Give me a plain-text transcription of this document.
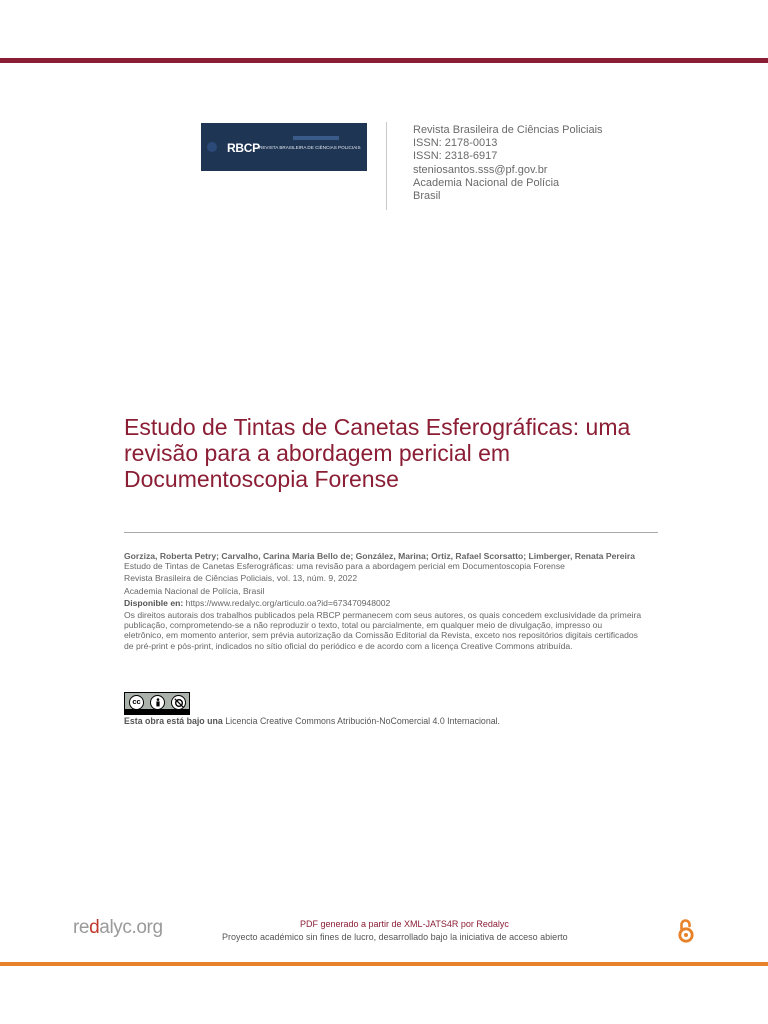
RBCP REVISTA BRASILEIRA DE CIÊNCIAS POLICIAIS
Revista Brasileira de Ciências Policiais
ISSN: 2178-0013
ISSN: 2318-6917
steniosantos.sss@pf.gov.br
Academia Nacional de Polícia
Brasil
Estudo de Tintas de Canetas Esferográficas: uma revisão para a abordagem pericial em Documentoscopia Forense
Gorziza, Roberta Petry; Carvalho, Carina Maria Bello de; González, Marina; Ortiz, Rafael Scorsatto; Limberger, Renata Pereira
Estudo de Tintas de Canetas Esferográficas: uma revisão para a abordagem pericial em Documentoscopia Forense
Revista Brasileira de Ciências Policiais, vol. 13, núm. 9, 2022
Academia Nacional de Polícia, Brasil
Disponible en: https://www.redalyc.org/articulo.oa?id=673470948002
Os direitos autorais dos trabalhos publicados pela RBCP permanecem com seus autores, os quais concedem exclusividade da primeira publicação, comprometendo-se a não reproduzir o texto, total ou parcialmente, em qualquer meio de divulgação, impresso ou eletrônico, em momento anterior, sem prévia autorização da Comissão Editorial da Revista, exceto nos repositórios digitais certificados de pré-print e pós-print, indicados no sítio oficial do periódico e de acordo com a licença Creative Commons atribuída.
cc
Esta obra está bajo una Licencia Creative Commons Atribución-NoComercial 4.0 Internacional.
redalyc.org	PDF generado a partir de XML-JATS4R por Redalyc
Proyecto académico sin fines de lucro, desarrollado bajo la iniciativa de acceso abierto
